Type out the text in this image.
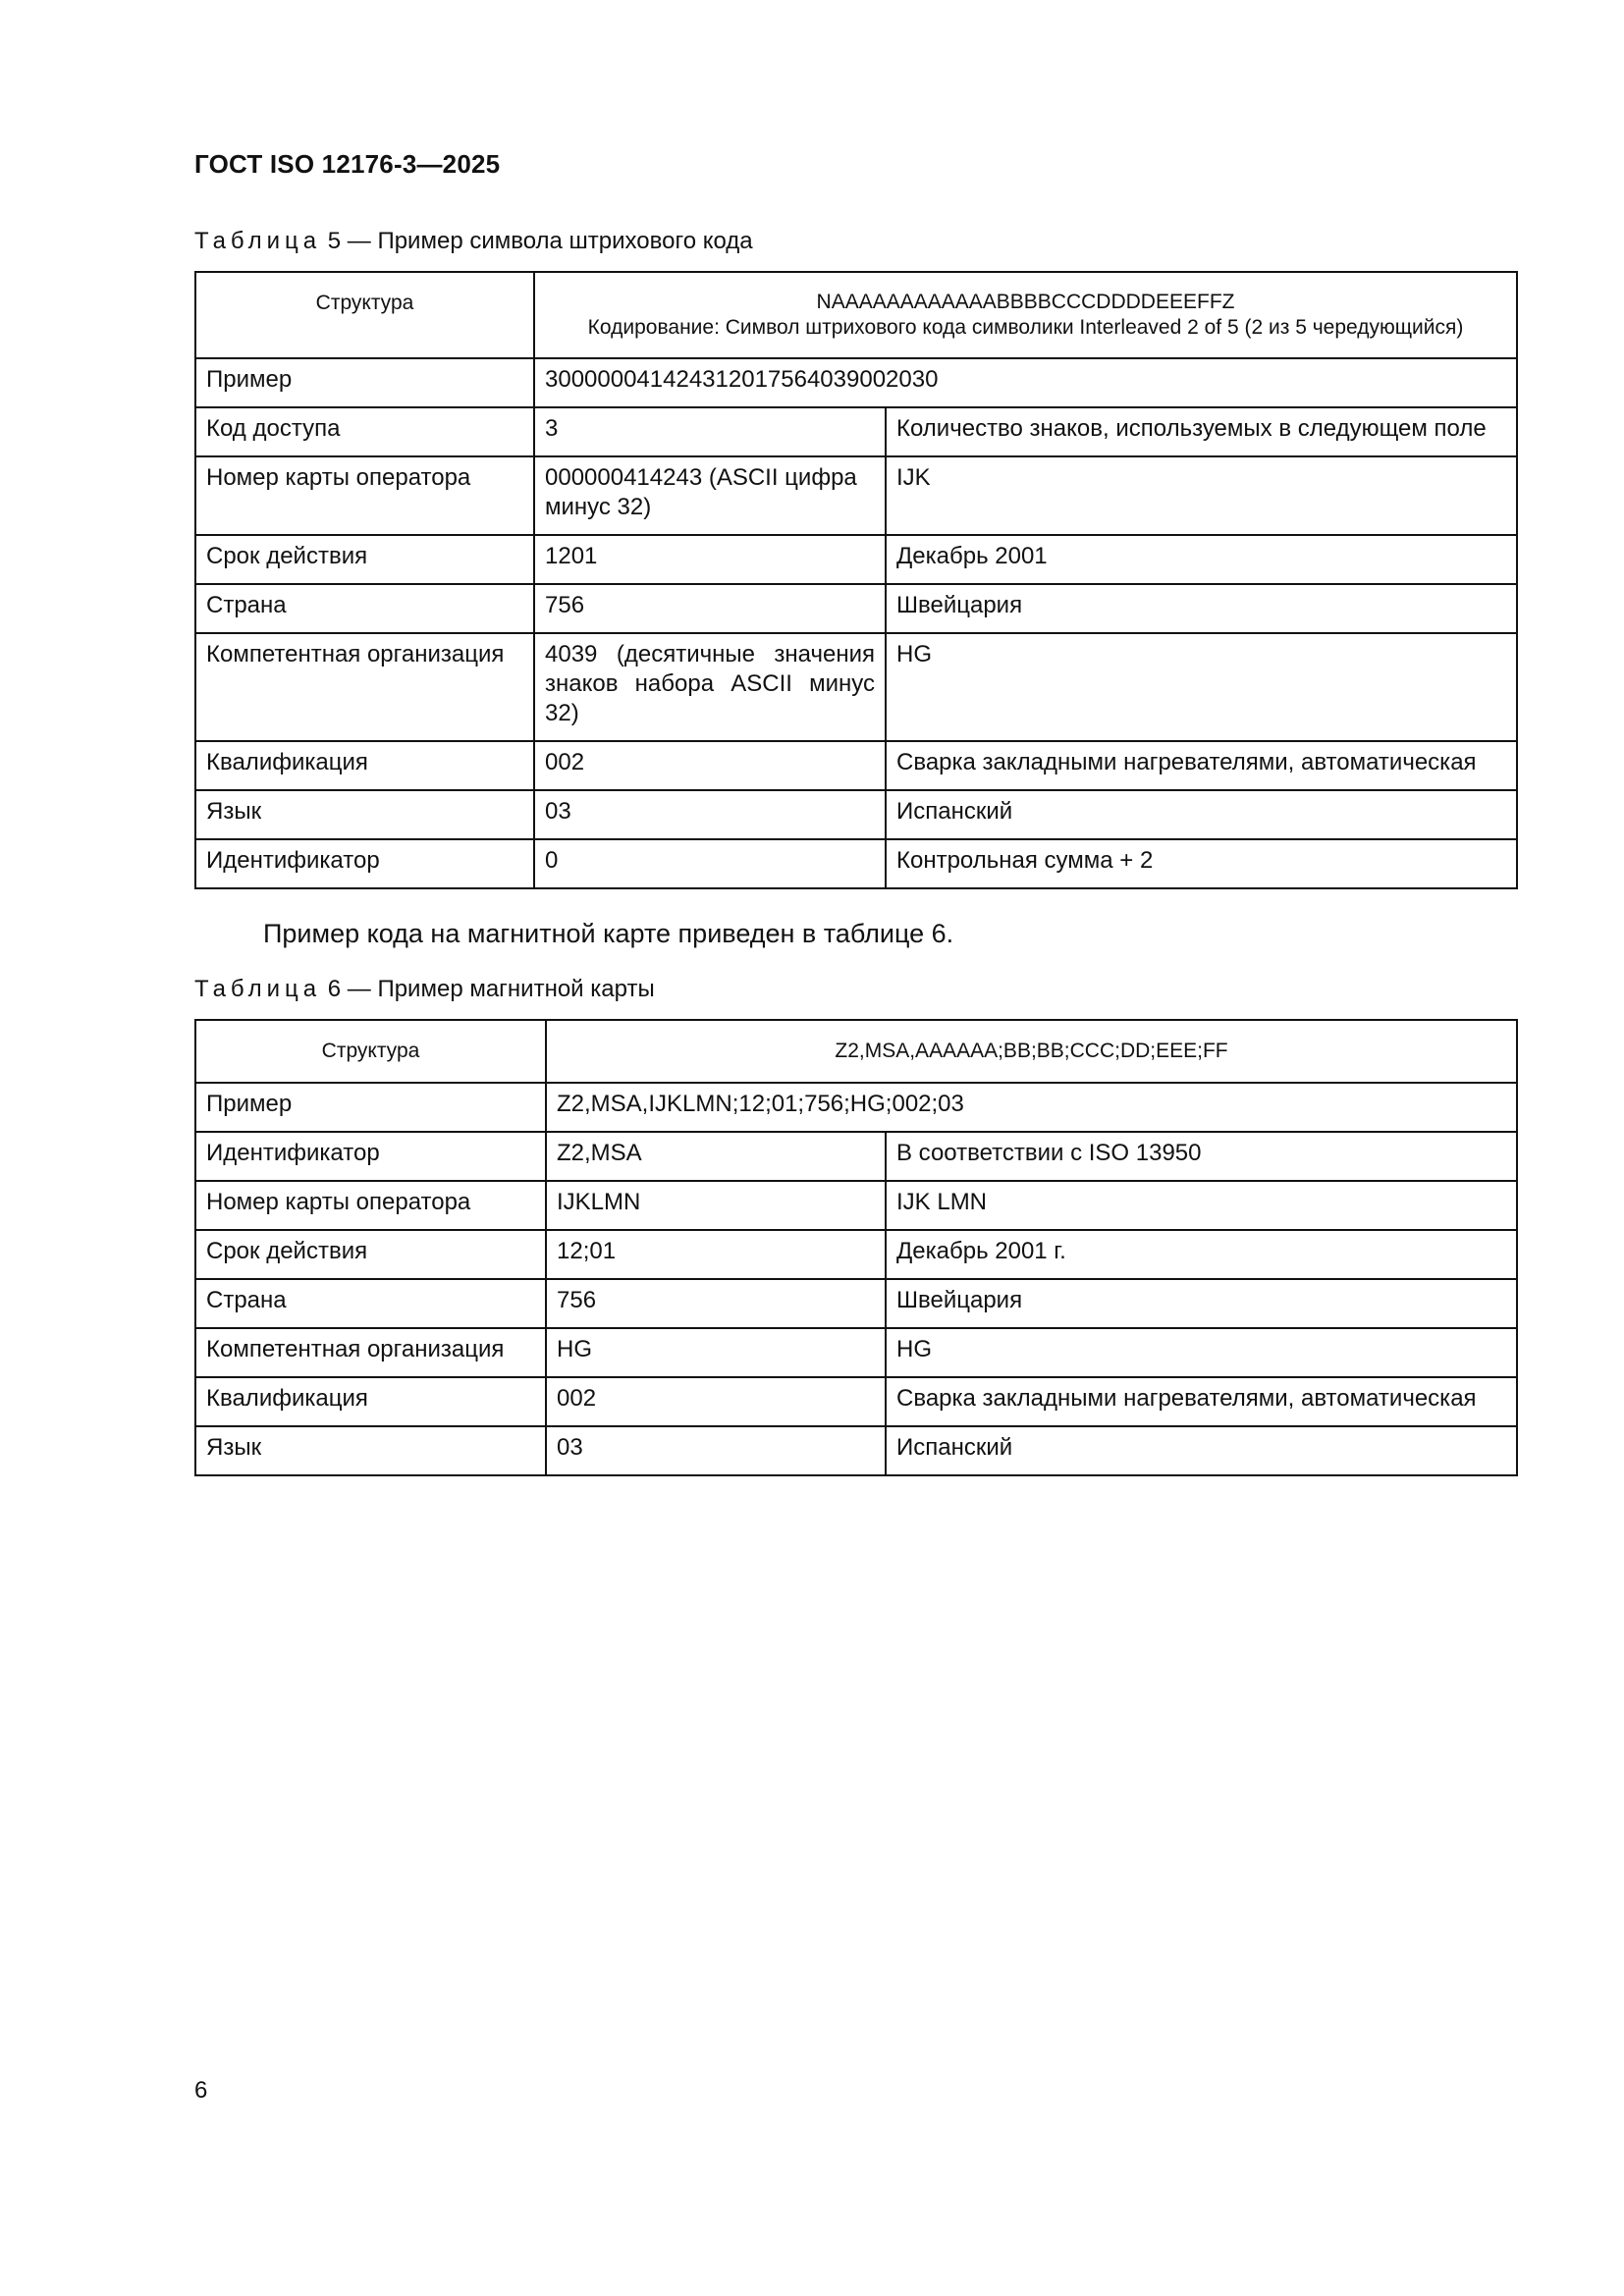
ГОСТ ISO 12176-3—2025
Таблица 5 — Пример символа штрихового кода
Структура	NAAAAAAAAAAAABBBBCCCDDDDEEEFFZ
Кодирование: Символ штрихового кода символики Interleaved 2 of 5 (2 из 5 чередующийся)	

Пример	300000041424312017564039002030	
Код доступа	3	Количество знаков, используемых в следующем поле
Номер карты оператора	000000414243 (ASCII цифра минус 32)	IJK
Срок действия	1201	Декабрь 2001
Страна	756	Швейцария
Компетентная организация	4039 (десятичные значения знаков набора ASCII минус 32)	HG
Квалификация	002	Сварка закладными нагревателями, автоматическая
Язык	03	Испанский
Идентификатор	0	Контрольная сумма + 2
Пример кода на магнитной карте приведен в таблице 6.
Таблица 6 — Пример магнитной карты
Структура	Z2,MSA,AAAAAA;BB;BB;CCC;DD;EEE;FF	
Пример	Z2,MSA,IJKLMN;12;01;756;HG;002;03	
Идентификатор	Z2,MSA	В соответствии с ISO 13950
Номер карты оператора	IJKLMN	IJK LMN
Срок действия	12;01	Декабрь 2001 г.
Страна	756	Швейцария
Компетентная организация	HG	HG
Квалификация	002	Сварка закладными нагревателями, автоматическая
Язык	03	Испанский
6
